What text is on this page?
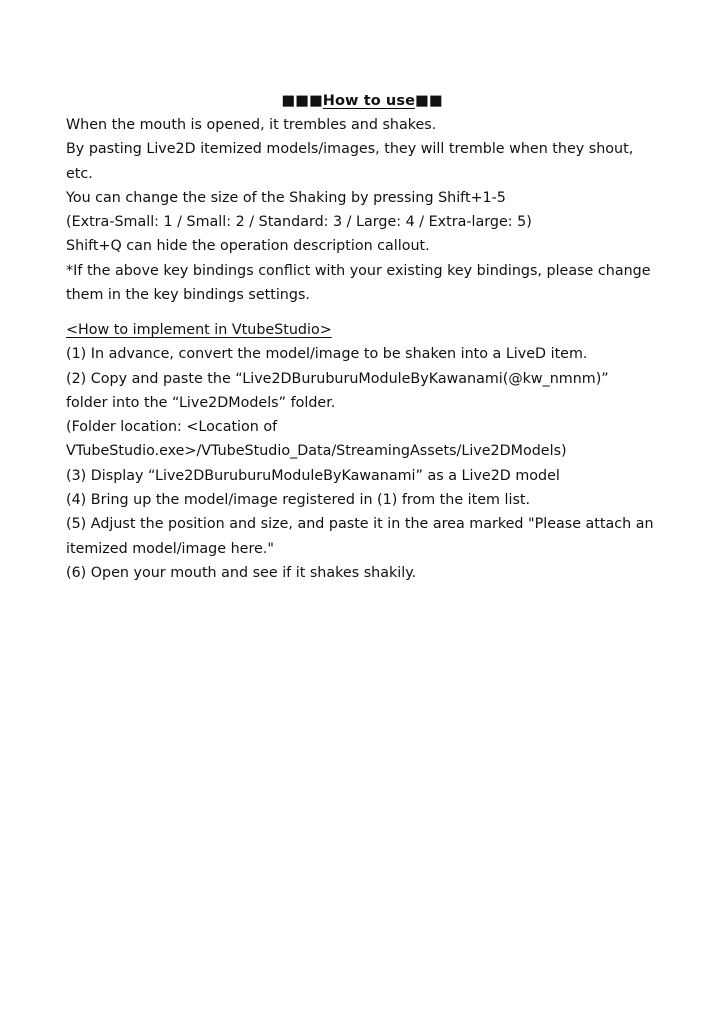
■■■How to use■■
When the mouth is opened, it trembles and shakes.
By pasting Live2D itemized models/images, they will tremble when they shout,
etc.
You can change the size of the Shaking by pressing Shift+1-5
(Extra-Small: 1 / Small: 2 / Standard: 3 / Large: 4 / Extra-large: 5)
Shift+Q can hide the operation description callout.
*If the above key bindings conflict with your existing key bindings, please change
them in the key bindings settings.
<How to implement in VtubeStudio>
(1) In advance, convert the model/image to be shaken into a LiveD item.
(2) Copy and paste the “Live2DBuruburuModuleByKawanami(@kw_nmnm)”
folder into the “Live2DModels” folder.
(Folder location: <Location of
VTubeStudio.exe>/VTubeStudio_Data/StreamingAssets/Live2DModels)
(3) Display “Live2DBuruburuModuleByKawanami” as a Live2D model
(4) Bring up the model/image registered in (1) from the item list.
(5) Adjust the position and size, and paste it in the area marked "Please attach an
itemized model/image here."
(6) Open your mouth and see if it shakes shakily.
